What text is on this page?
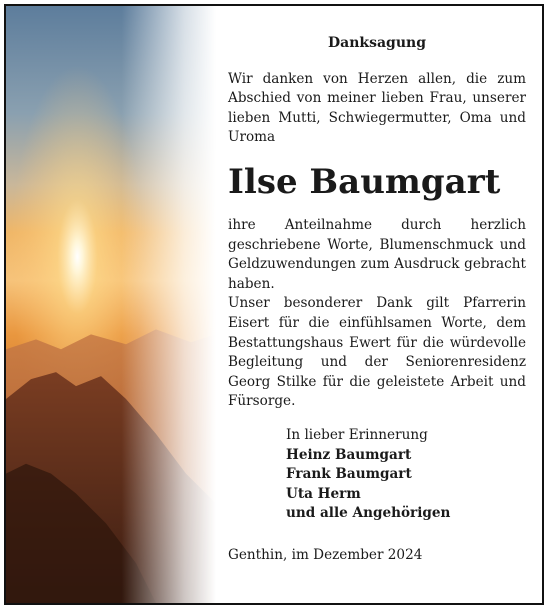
Danksagung

Wir danken von Herzen allen, die zum Abschied von meiner lieben Frau, unserer lieben Mutti, Schwiegermutter, Oma und Uroma

Ilse Baumgart

ihre Anteilnahme durch herzlich geschriebene Worte, Blumenschmuck und Geldzuwendungen zum Ausdruck gebracht haben.

Unser besonderer Dank gilt Pfarrerin Eisert für die einfühlsamen Worte, dem Bestattungshaus Ewert für die würdevolle Begleitung und der Seniorenresidenz Georg Stilke für die geleistete Arbeit und Fürsorge.

In lieber Erinnerung
Heinz Baumgart
Frank Baumgart
Uta Herm
und alle Angehörigen
Genthin, im Dezember 2024
